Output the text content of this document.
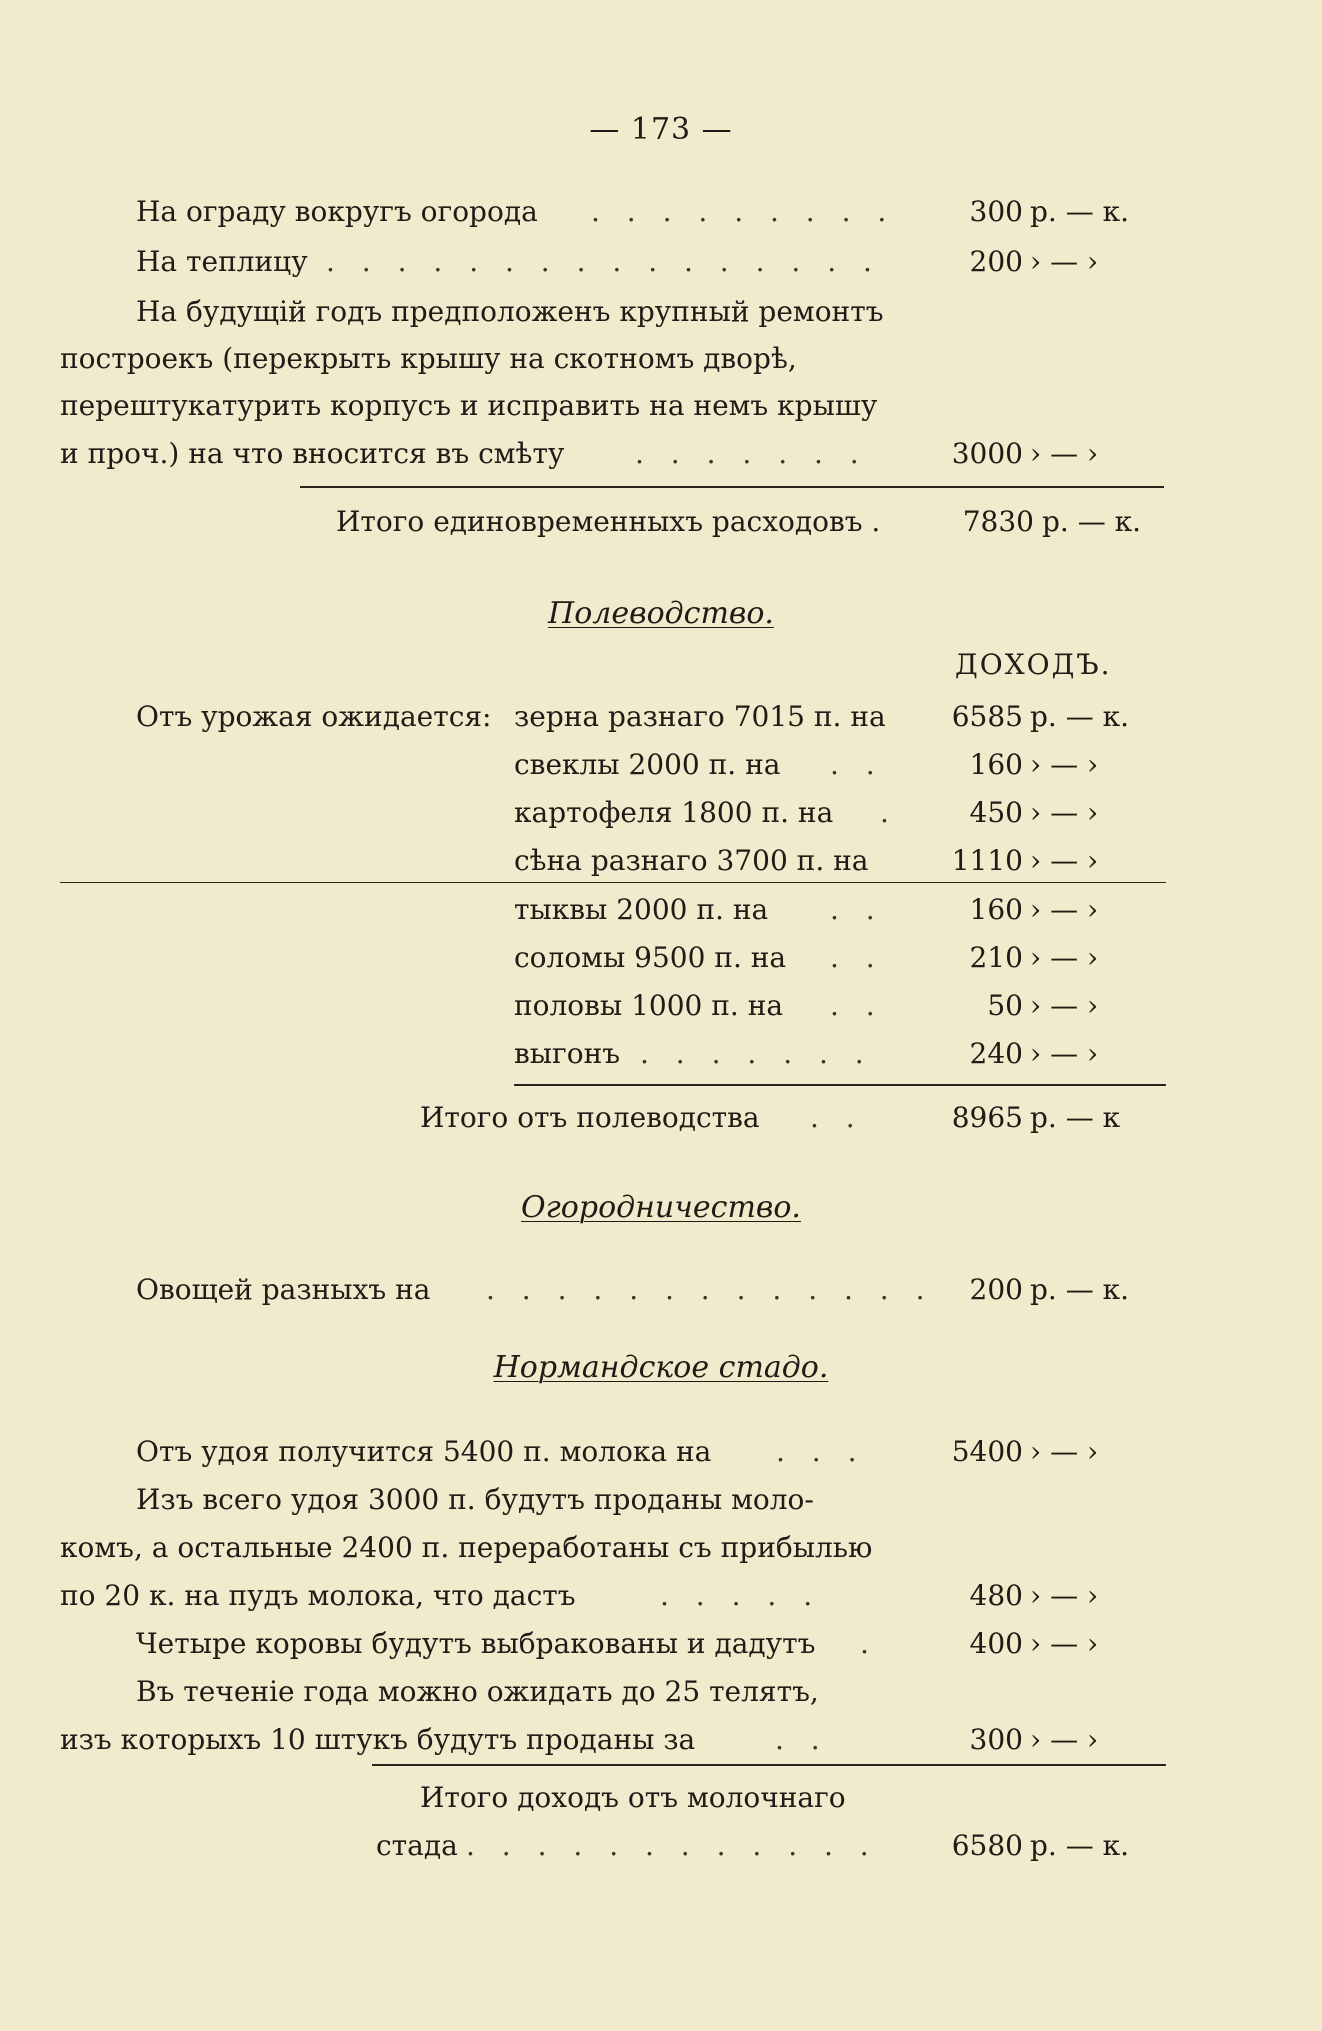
— 173 —
На ограду вокругъ огорода . . . . . . . . .	300 р. — к.
На теплицу . . . . . . . . . . . . . . . .	200 › — ›
На будущiй годъ предположенъ крупный ремонтъ
построекъ (перекрыть крышу на скотномъ дворѣ,
перештукатурить корпусъ и исправить на немъ крышу
и проч.) на что вносится въ смѣту	. . . . . . .	3000 › — ›
Итого единовременныхъ расходовъ .	7830 р. — к.
Полеводство.
ДОХОДЪ.
Отъ урожая ожидается: зерна разнаго 7015 п. на	6585 р. — к.
свеклы 2000 п. на . .	160 › — ›
картофеля 1800 п. на .	450 › — ›
сѣна разнаго 3700 п. на	1110 › — ›
тыквы 2000 п. на . .	160 › — ›
соломы 9500 п. на . .	210 › — ›
половы 1000 п. на . .	50 › — ›
выгонъ . . . . . . .	240 › — ›
Итого отъ полеводства . .	8965 р. — к
Огородничество.
Овощей разныхъ на . . . . . . . . . . . . .	200 р. — к.
Нормандское стадо.
Отъ удоя получится 5400 п. молока на . . .	5400 › — ›
Изъ всего удоя 3000 п. будутъ проданы моло-
комъ, а остальные 2400 п. переработаны съ прибылью
по 20 к. на пудъ молока, что дастъ	. . . . .	480 › — ›
Четыре коровы будутъ выбракованы и дадутъ .	400 › — ›
Въ теченiе года можно ожидать до 25 телятъ,
изъ которыхъ 10 штукъ будутъ проданы за	. .	300 › — ›
Итого доходъ отъ молочнаго
стада . . . . . . . . . . . .	6580 р. — к.
